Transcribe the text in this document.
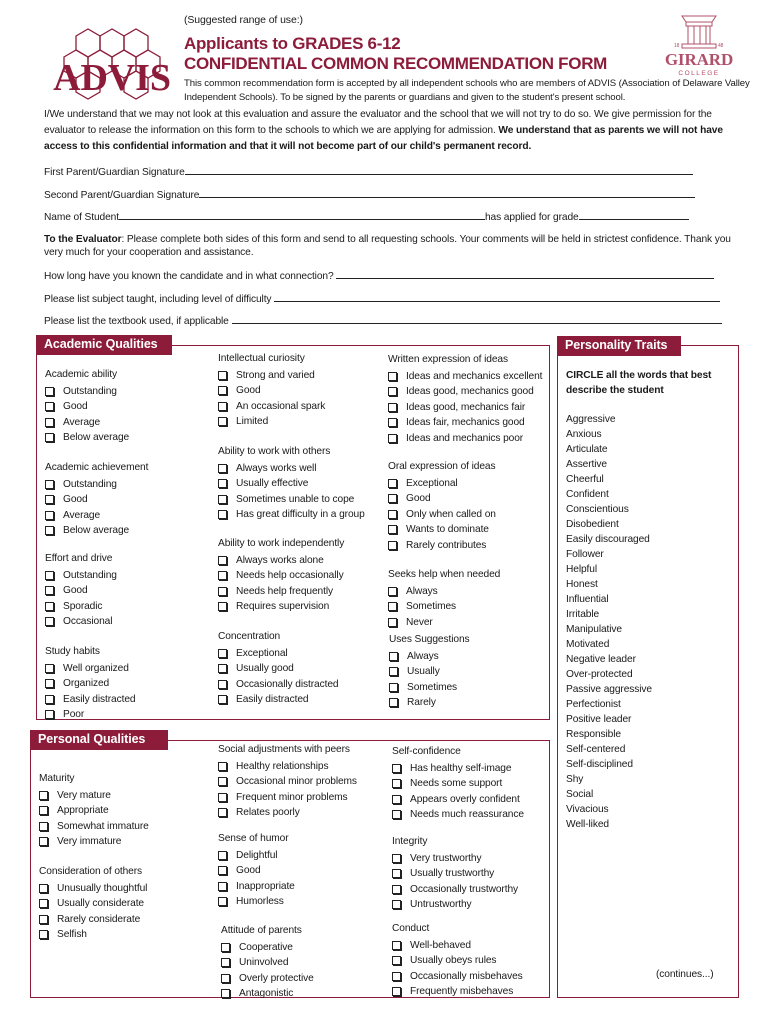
ADVIS
18	48
GIRARD
COLLEGE
(Suggested range of use:)
Applicants to GRADES 6-12
CONFIDENTIAL COMMON RECOMMENDATION FORM
This common recommendation form is accepted by all independent schools who are members of ADVIS (Association of Delaware Valley Independent Schools). To be signed by the parents or guardians and given to the student's present school.
I/We understand that we may not look at this evaluation and assure the evaluator and the school that we will not try to do so. We give permission for the evaluator to release the information on this form to the schools to which we are applying for admission. We understand that as parents we will not have access to this confidential information and that it will not become part of our child's permanent record.
First Parent/Guardian Signature
Second Parent/Guardian Signature
Name of Student	has applied for grade
To the Evaluator: Please complete both sides of this form and send to all requesting schools. Your comments will be held in strictest confidence. Thank you very much for your cooperation and assistance.
How long have you known the candidate and in what connection?
Please list subject taught, including level of difficulty
Please list the textbook used, if applicable
Academic Qualities
Personal Qualities
Personality Traits
CIRCLE all the words that best describe the student
Aggressive
Anxious
Articulate
Assertive
Cheerful
Confident
Conscientious
Disobedient
Easily discouraged
Follower
Helpful
Honest
Influential
Irritable
Manipulative
Motivated
Negative leader
Over-protected
Passive aggressive
Perfectionist
Positive leader
Responsible
Self-centered
Self-disciplined
Shy
Social
Vivacious
Well-liked
(continues...)
Academic ability
Outstanding
Good
Average
Below average
Academic achievement
Outstanding
Good
Average
Below average
Effort and drive
Outstanding
Good
Sporadic
Occasional
Study habits
Well organized
Organized
Easily distracted
Poor
Intellectual curiosity
Strong and varied
Good
An occasional spark
Limited
Ability to work with others
Always works well
Usually effective
Sometimes unable to cope
Has great difficulty in a group
Ability to work independently
Always works alone
Needs help occasionally
Needs help frequently
Requires supervision
Concentration
Exceptional
Usually good
Occasionally distracted
Easily distracted
Written expression of ideas
Ideas and mechanics excellent
Ideas good, mechanics good
Ideas good, mechanics fair
Ideas fair, mechanics good
Ideas and mechanics poor
Oral expression of ideas
Exceptional
Good
Only when called on
Wants to dominate
Rarely contributes
Seeks help when needed
Always
Sometimes
Never
Uses Suggestions
Always
Usually
Sometimes
Rarely
Maturity
Very mature
Appropriate
Somewhat immature
Very immature
Consideration of others
Unusually thoughtful
Usually considerate
Rarely considerate
Selfish
Social adjustments with peers
Healthy relationships
Occasional minor problems
Frequent minor problems
Relates poorly
Sense of humor
Delightful
Good
Inappropriate
Humorless
Attitude of parents
Cooperative
Uninvolved
Overly protective
Antagonistic
Self-confidence
Has healthy self-image
Needs some support
Appears overly confident
Needs much reassurance
Integrity
Very trustworthy
Usually trustworthy
Occasionally trustworthy
Untrustworthy
Conduct
Well-behaved
Usually obeys rules
Occasionally misbehaves
Frequently misbehaves
